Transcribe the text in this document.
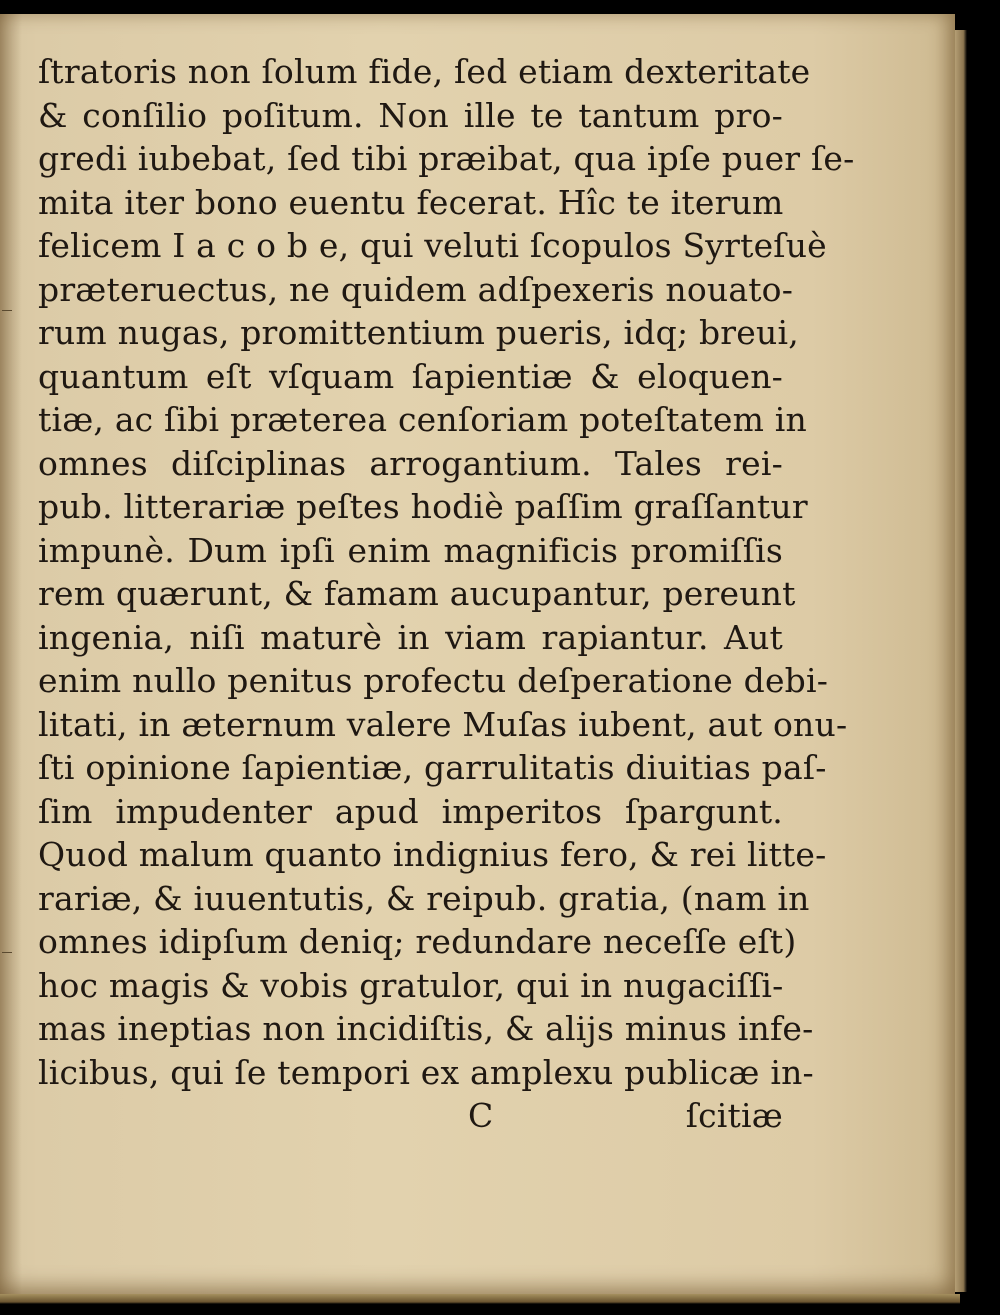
ſtratoris non ſolum fide, ſed etiam dexteritate
& conſilio poſitum. Non ille te tantum pro-
gredi iubebat, ſed tibi præibat, qua ipſe puer ſe-
mita iter bono euentu fecerat. Hîc te iterum
felicem I a c o b e, qui veluti ſcopulos Syrteſuè
præteruectus, ne quidem adſpexeris nouato-
rum nugas, promittentium pueris, idq; breui,
quantum eſt vſquam ſapientiæ & eloquen-
tiæ, ac ſibi præterea cenſoriam poteſtatem in
omnes diſciplinas arrogantium. Tales rei-
pub. litterariæ peſtes hodiè paſſim graſſantur
impunè. Dum ipſi enim magnificis promiſſis
rem quærunt, & famam aucupantur, pereunt
ingenia, niſi maturè in viam rapiantur. Aut
enim nullo penitus profectu deſperatione debi-
litati, in æternum valere Muſas iubent, aut onu-
ſti opinione ſapientiæ, garrulitatis diuitias paſ-
ſim impudenter apud imperitos ſpargunt.
Quod malum quanto indignius fero, & rei litte-
rariæ, & iuuentutis, & reipub. gratia, (nam in
omnes idipſum deniq; redundare neceſſe eſt)
hoc magis & vobis gratulor, qui in nugaciſſi-
mas ineptias non incidiſtis, & alijs minus infe-
licibus, qui ſe tempori ex amplexu publicæ in-
C	ſcitiæ
